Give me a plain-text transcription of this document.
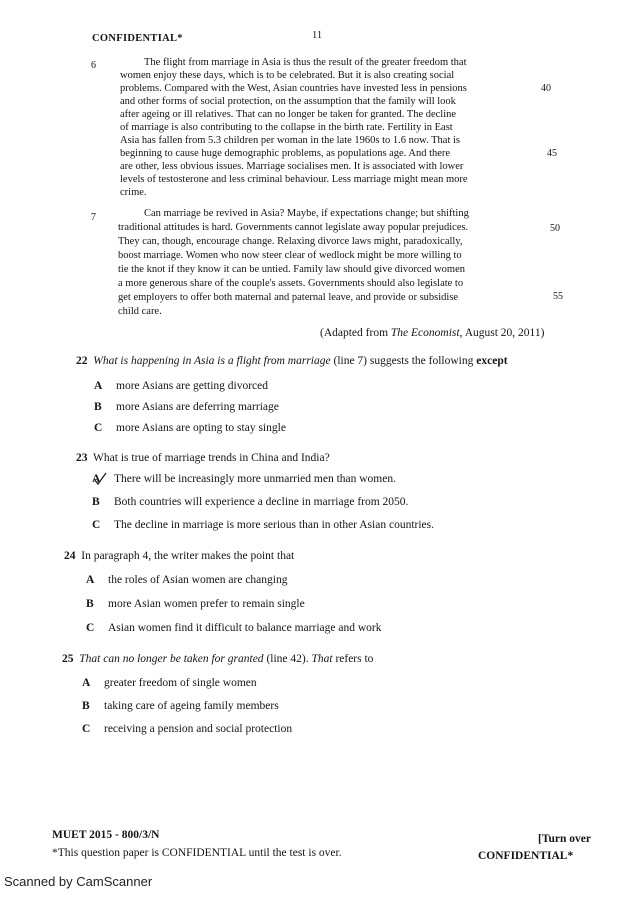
CONFIDENTIAL*	11
6	The flight from marriage in Asia is thus the result of the greater freedom that
women enjoy these days, which is to be celebrated. But it is also creating social
problems. Compared with the West, Asian countries have invested less in pensions
and other forms of social protection, on the assumption that the family will look
after ageing or ill relatives. That can no longer be taken for granted. The decline
of marriage is also contributing to the collapse in the birth rate. Fertility in East
Asia has fallen from 5.3 children per woman in the late 1960s to 1.6 now. That is
beginning to cause huge demographic problems, as populations age. And there
are other, less obvious issues. Marriage socialises men. It is associated with lower
levels of testosterone and less criminal behaviour. Less marriage might mean more
crime.
7	Can marriage be revived in Asia? Maybe, if expectations change; but shifting
traditional attitudes is hard. Governments cannot legislate away popular prejudices.
They can, though, encourage change. Relaxing divorce laws might, paradoxically,
boost marriage. Women who now steer clear of wedlock might be more willing to
tie the knot if they know it can be untied. Family law should give divorced women
a more generous share of the couple's assets. Governments should also legislate to
get employers to offer both maternal and paternal leave, and provide or subsidise
child care.
40
45
50
55
(Adapted from The Economist, August 20, 2011)
22 What is happening in Asia is a flight from marriage (line 7) suggests the following except
A more Asians are getting divorced
B more Asians are deferring marriage
C more Asians are opting to stay single
23 What is true of marriage trends in China and India?
A There will be increasingly more unmarried men than women.
B Both countries will experience a decline in marriage from 2050.
C The decline in marriage is more serious than in other Asian countries.
24 In paragraph 4, the writer makes the point that
A the roles of Asian women are changing
B more Asian women prefer to remain single
C Asian women find it difficult to balance marriage and work
25 That can no longer be taken for granted (line 42). That refers to
A greater freedom of single women
B taking care of ageing family members
C receiving a pension and social protection
MUET 2015 - 800/3/N
*This question paper is CONFIDENTIAL until the test is over.
[Turn over
CONFIDENTIAL*
Scanned by CamScanner
